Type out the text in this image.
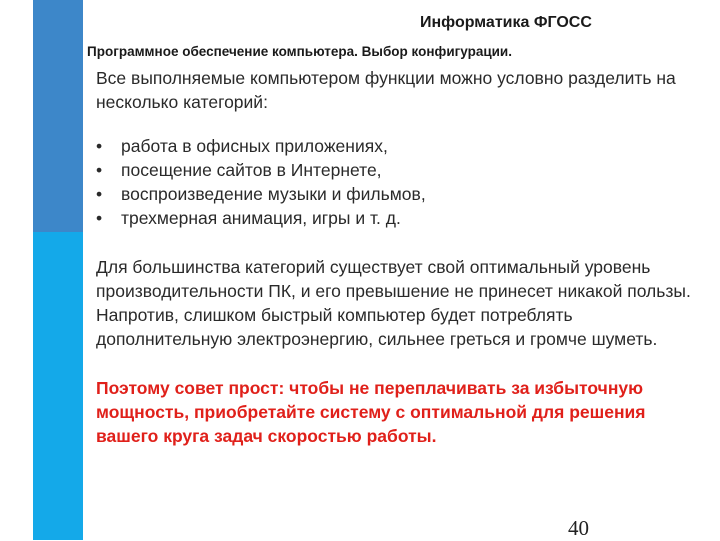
Информатика ФГОСС
Программное обеспечение компьютера. Выбор конфигурации.

Все выполняемые компьютером функции можно условно разделить на несколько категорий:

• работа в офисных приложениях,
• посещение сайтов в Интернете,
• воспроизведение музыки и фильмов,
• трехмерная анимация, игры и т. д.

Для большинства категорий существует свой оптимальный уровень производительности ПК, и его превышение не принесет никакой пользы. Напротив, слишком быстрый компьютер будет потреблять дополнительную электроэнергию, сильнее греться и громче шуметь.

Поэтому совет прост: чтобы не переплачивать за избыточную мощность, приобретайте систему с оптимальной для решения вашего круга задач скоростью работы.

40
